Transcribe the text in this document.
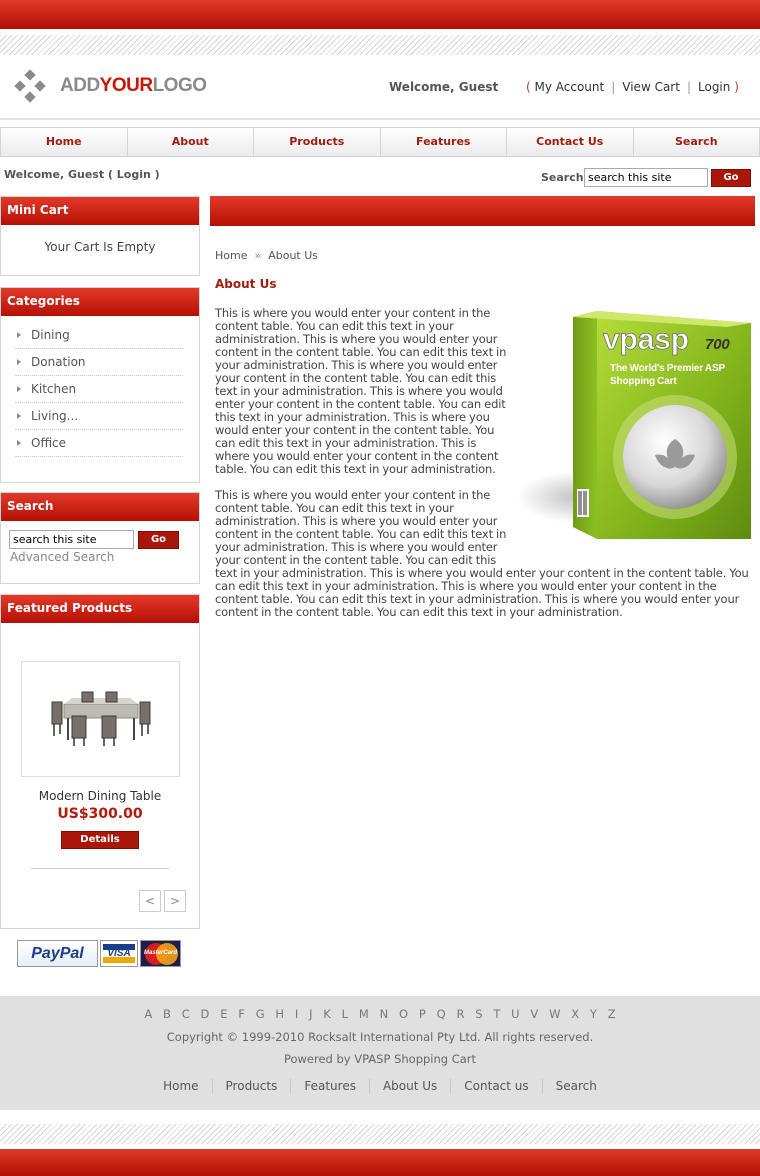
ADDYOURLOGO	Welcome, Guest ( My Account | View Cart | Login )
Home	About	Products	Features	Contact Us	Search
Welcome, Guest ( Login )	Search
search this site	Go
Mini Cart
Your Cart Is Empty
Categories
Dining
Donation
Kitchen
Living...
Office
Search
search this site
Go
Advanced Search
Featured Products
Modern Dining Table
US$300.00
Details
<	>
PayPal	VISA	MasterCard
Home » About Us
About Us
vpasp 700
The World's Premier ASP
Shopping Cart

This is where you would enter your content in the content table. You can edit this text in your administration. This is where you would enter your content in the content table. You can edit this text in your administration. This is where you would enter your content in the content table. You can edit this text in your administration. This is where you would enter your content in the content table. You can edit this text in your administration. This is where you would enter your content in the content table. You can edit this text in your administration. This is where you would enter your content in the content table. You can edit this text in your administration.

This is where you would enter your content in the content table. You can edit this text in your administration. This is where you would enter your content in the content table. You can edit this text in your administration. This is where you would enter your content in the content table. You can edit this text in your administration. This is where you would enter your content in the content table. You can edit this text in your administration. This is where you would enter your content in the content table. You can edit this text in your administration. This is where you would enter your content in the content table. You can edit this text in your administration.

A B C D E F G H I J K L M N O P Q R S T U V W X Y Z
Copyright © 1999-2010 Rocksalt International Pty Ltd. All rights reserved.
Powered by VPASP Shopping Cart
Home	Products	Features	About Us	Contact us	Search
